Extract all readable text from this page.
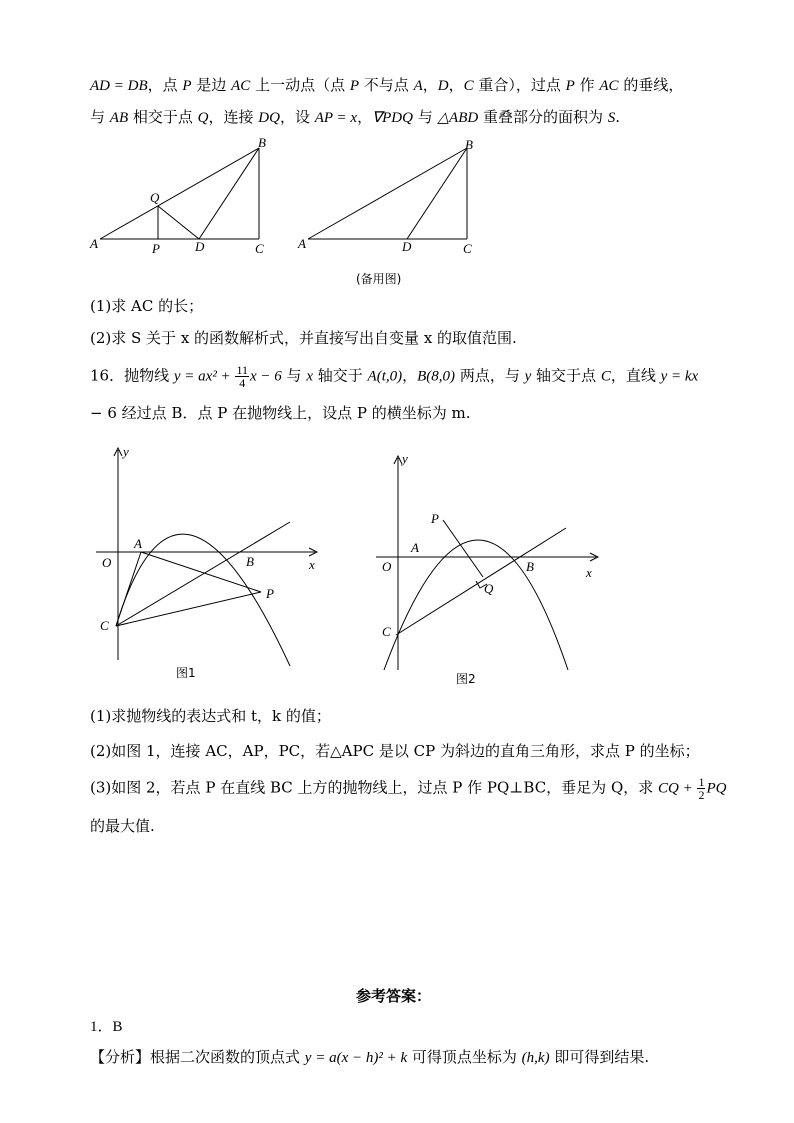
AD = DB，点 P 是边 AC 上一动点（点 P 不与点 A，D，C 重合），过点 P 作 AC 的垂线，
与 AB 相交于点 Q，连接 DQ，设 AP = x，∇PDQ 与 △ABD 重叠部分的面积为 S.
A	P	D	C
B
Q
A	D	C
B
(备用图)
(1)求 AC 的长；
(2)求 S 关于 x 的函数解析式，并直接写出自变量 x 的取值范围.
16．抛物线 $y = ax^2 + \frac{11}{4}$ x − 6 与 x 轴交于 A(t,0)，B(8,0) 两点，与 y 轴交于点 C，直线 y = kx
− 6 经过点 B．点 P 在抛物线上，设点 P 的横坐标为 m.
y
x
O
A
B
P
C
图1
y
x
O
P
A
B
Q
C
图2
(1)求抛物线的表达式和 t，k 的值；
(2)如图 1，连接 AC，AP，PC，若△APC 是以 CP 为斜边的直角三角形，求点 P 的坐标；
(3)如图 2，若点 P 在直线 BC 上方的抛物线上，过点 P 作 PQ⊥BC，垂足为 Q，求 CQ + $\frac{1}{2}$ PQ
的最大值.
参考答案：
1．B
【分析】根据二次函数的顶点式 y = a(x − h)² + k 可得顶点坐标为 (h,k) 即可得到结果.
